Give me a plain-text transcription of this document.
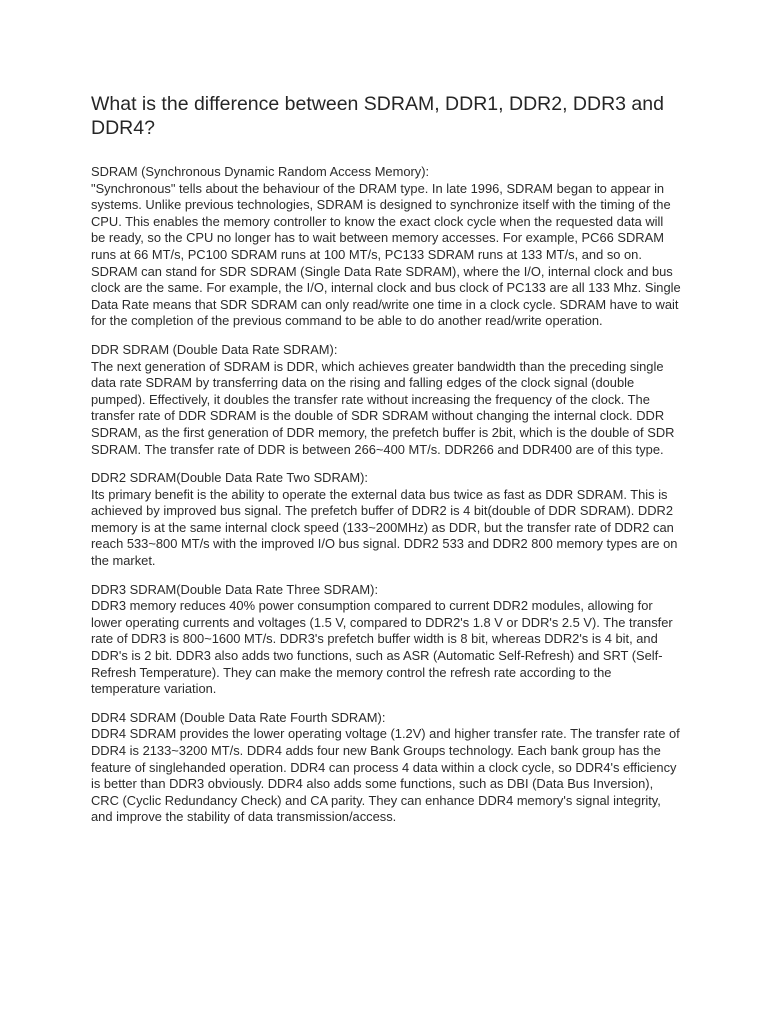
What is the difference between SDRAM, DDR1, DDR2, DDR3 and DDR4?

SDRAM (Synchronous Dynamic Random Access Memory):

"Synchronous" tells about the behaviour of the DRAM type. In late 1996, SDRAM began to appear in systems. Unlike previous technologies, SDRAM is designed to synchronize itself with the timing of the CPU. This enables the memory controller to know the exact clock cycle when the requested data will be ready, so the CPU no longer has to wait between memory accesses. For example, PC66 SDRAM runs at 66 MT/s, PC100 SDRAM runs at 100 MT/s, PC133 SDRAM runs at 133 MT/s, and so on.

SDRAM can stand for SDR SDRAM (Single Data Rate SDRAM), where the I/O, internal clock and bus clock are the same. For example, the I/O, internal clock and bus clock of PC133 are all 133 Mhz. Single Data Rate means that SDR SDRAM can only read/write one time in a clock cycle. SDRAM have to wait for the completion of the previous command to be able to do another read/write operation.

DDR SDRAM (Double Data Rate SDRAM):

The next generation of SDRAM is DDR, which achieves greater bandwidth than the preceding single data rate SDRAM by transferring data on the rising and falling edges of the clock signal (double pumped). Effectively, it doubles the transfer rate without increasing the frequency of the clock. The transfer rate of DDR SDRAM is the double of SDR SDRAM without changing the internal clock. DDR SDRAM, as the first generation of DDR memory, the prefetch buffer is 2bit, which is the double of SDR SDRAM. The transfer rate of DDR is between 266~400 MT/s. DDR266 and DDR400 are of this type.

DDR2 SDRAM(Double Data Rate Two SDRAM):

Its primary benefit is the ability to operate the external data bus twice as fast as DDR SDRAM. This is achieved by improved bus signal. The prefetch buffer of DDR2 is 4 bit(double of DDR SDRAM). DDR2 memory is at the same internal clock speed (133~200MHz) as DDR, but the transfer rate of DDR2 can reach 533~800 MT/s with the improved I/O bus signal. DDR2 533 and DDR2 800 memory types are on the market.

DDR3 SDRAM(Double Data Rate Three SDRAM):

DDR3 memory reduces 40% power consumption compared to current DDR2 modules, allowing for lower operating currents and voltages (1.5 V, compared to DDR2's 1.8 V or DDR's 2.5 V). The transfer rate of DDR3 is 800~1600 MT/s. DDR3's prefetch buffer width is 8 bit, whereas DDR2's is 4 bit, and DDR's is 2 bit. DDR3 also adds two functions, such as ASR (Automatic Self-Refresh) and SRT (Self-Refresh Temperature). They can make the memory control the refresh rate according to the temperature variation.

DDR4 SDRAM (Double Data Rate Fourth SDRAM):

DDR4 SDRAM provides the lower operating voltage (1.2V) and higher transfer rate. The transfer rate of DDR4 is 2133~3200 MT/s. DDR4 adds four new Bank Groups technology. Each bank group has the feature of singlehanded operation. DDR4 can process 4 data within a clock cycle, so DDR4's efficiency is better than DDR3 obviously. DDR4 also adds some functions, such as DBI (Data Bus Inversion), CRC (Cyclic Redundancy Check) and CA parity. They can enhance DDR4 memory's signal integrity, and improve the stability of data transmission/access.
